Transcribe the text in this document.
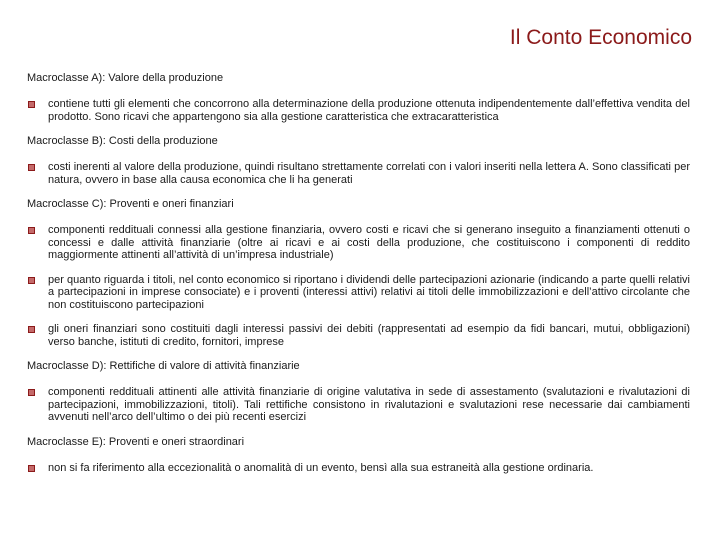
Il Conto Economico
Macroclasse A): Valore della produzione
contiene tutti gli elementi che concorrono alla determinazione della produzione ottenuta indipendentemente dall’effettiva vendita del prodotto. Sono ricavi che appartengono sia alla gestione caratteristica che extracaratteristica
Macroclasse B): Costi della produzione
costi inerenti al valore della produzione, quindi risultano strettamente correlati con i valori inseriti nella lettera A. Sono classificati per natura, ovvero in base alla causa economica che li ha generati
Macroclasse C): Proventi e oneri finanziari
componenti reddituali connessi alla gestione finanziaria, ovvero costi e ricavi che si generano inseguito a finanziamenti ottenuti o concessi e dalle attività finanziarie (oltre ai ricavi e ai costi della produzione, che costituiscono i componenti di reddito maggiormente attinenti all’attività di un’impresa industriale)
per quanto riguarda i titoli, nel conto economico si riportano i dividendi delle partecipazioni azionarie (indicando a parte quelli relativi a partecipazioni in imprese consociate) e i proventi (interessi attivi) relativi ai titoli delle immobilizzazioni e dell’attivo circolante che non costituiscono partecipazioni
gli oneri finanziari sono costituiti dagli interessi passivi dei debiti (rappresentati ad esempio da fidi bancari, mutui, obbligazioni) verso banche, istituti di credito, fornitori, imprese
Macroclasse D): Rettifiche di valore di attività finanziarie
componenti reddituali attinenti alle attività finanziarie di origine valutativa in sede di assestamento (svalutazioni e rivalutazioni di partecipazioni, immobilizzazioni, titoli). Tali rettifiche consistono in rivalutazioni e svalutazioni rese necessarie dai cambiamenti avvenuti nell’arco dell’ultimo o dei più recenti esercizi
Macroclasse E): Proventi e oneri straordinari
non si fa riferimento alla eccezionalità o anomalità di un evento, bensì alla sua estraneità alla gestione ordinaria.
